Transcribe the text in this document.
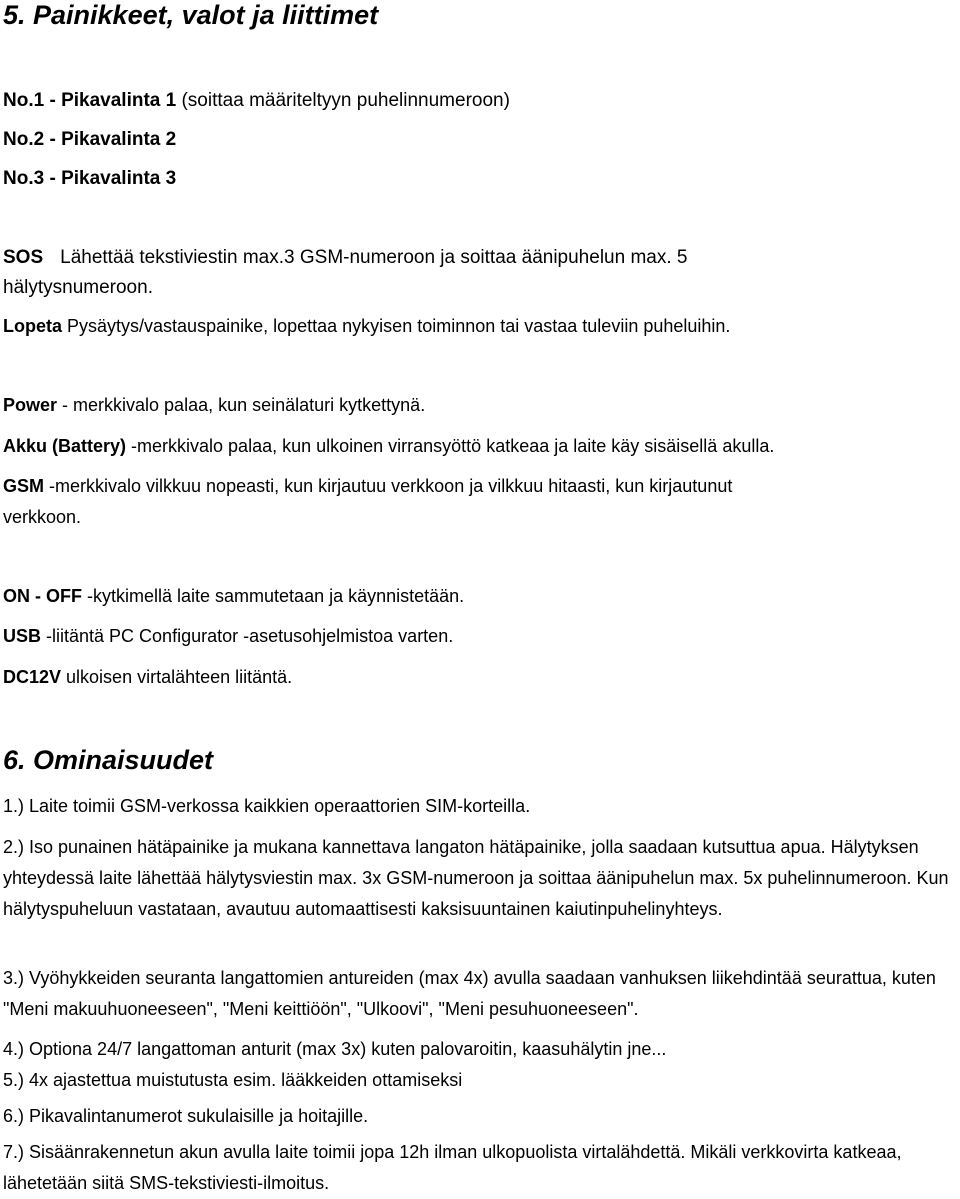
5. Painikkeet, valot ja liittimet

No.1 - Pikavalinta 1 (soittaa määriteltyyn puhelinnumeroon)

No.2 - Pikavalinta 2

No.3 - Pikavalinta 3

SOS Lähettää tekstiviestin max.3 GSM-numeroon ja soittaa äänipuhelun max. 5

hälytysnumeroon.

Lopeta Pysäytys/vastauspainike, lopettaa nykyisen toiminnon tai vastaa tuleviin puheluihin.

Power - merkkivalo palaa, kun seinälaturi kytkettynä.

Akku (Battery) -merkkivalo palaa, kun ulkoinen virransyöttö katkeaa ja laite käy sisäisellä akulla.

GSM -merkkivalo vilkkuu nopeasti, kun kirjautuu verkkoon ja vilkkuu hitaasti, kun kirjautunut

verkkoon.

ON - OFF -kytkimellä laite sammutetaan ja käynnistetään.

USB -liitäntä PC Configurator -asetusohjelmistoa varten.

DC12V ulkoisen virtalähteen liitäntä.

6. Ominaisuudet

1.) Laite toimii GSM-verkossa kaikkien operaattorien SIM-korteilla.

2.) Iso punainen hätäpainike ja mukana kannettava langaton hätäpainike, jolla saadaan kutsuttua apua. Hälytyksen yhteydessä laite lähettää hälytysviestin max. 3x GSM-numeroon ja soittaa äänipuhelun max. 5x puhelinnumeroon. Kun hälytyspuheluun vastataan, avautuu automaattisesti kaksisuuntainen kaiutinpuhelinyhteys.

3.) Vyöhykkeiden seuranta langattomien antureiden (max 4x) avulla saadaan vanhuksen liikehdintää seurattua, kuten "Meni makuuhuoneeseen", "Meni keittiöön", "Ulkoovi", "Meni pesuhuoneeseen".

4.) Optiona 24/7 langattoman anturit (max 3x) kuten palovaroitin, kaasuhälytin jne...

5.) 4x ajastettua muistutusta esim. lääkkeiden ottamiseksi

6.) Pikavalintanumerot sukulaisille ja hoitajille.

7.) Sisäänrakennetun akun avulla laite toimii jopa 12h ilman ulkopuolista virtalähdettä. Mikäli verkkovirta katkeaa, lähetetään siitä SMS-tekstiviesti-ilmoitus.
